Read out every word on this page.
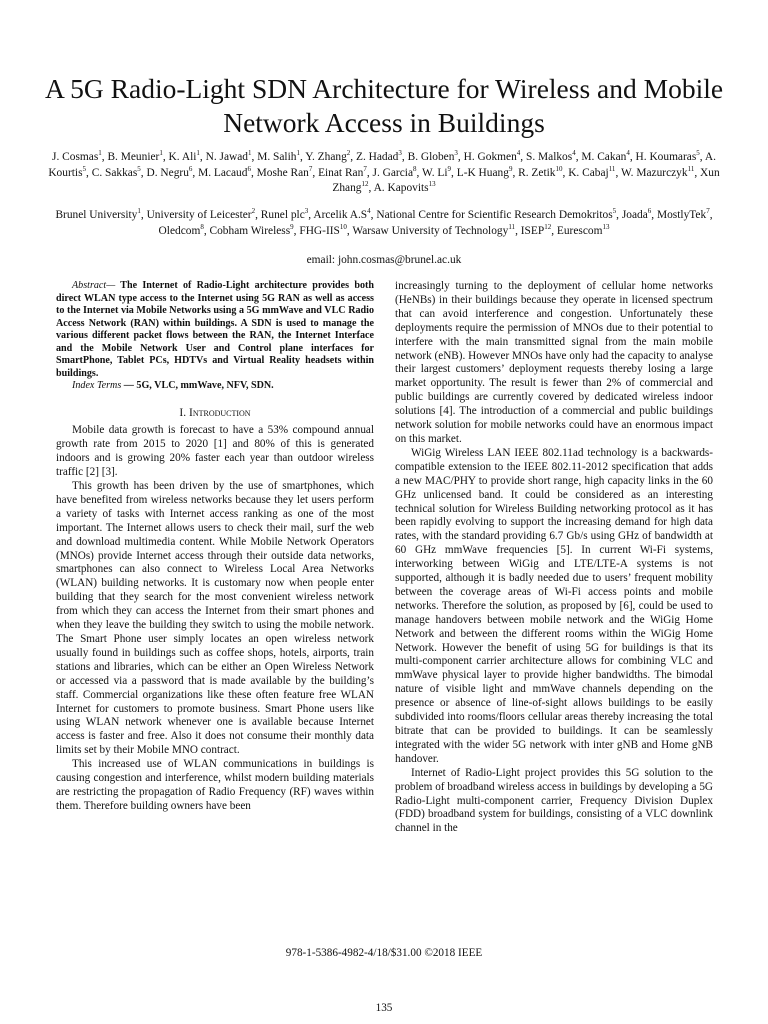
A 5G Radio-Light SDN Architecture for Wireless and Mobile Network Access in Buildings
J. Cosmas$^1$, B. Meunier$^1$, K. Ali$^1$, N. Jawad$^1$, M. Salih$^1$, Y. Zhang$^2$, Z. Hadad$^3$, B. Globen$^3$, H. Gokmen$^4$, S. Malkos$^4$, M. Cakan$^4$, H. Koumaras$^5$, A. Kourtis$^5$, C. Sakkas$^5$, D. Negru$^6$, M. Lacaud$^6$, Moshe Ran$^7$, Einat Ran$^7$, J. Garcia$^8$, W. Li$^9$, L-K Huang$^9$, R. Zetik$^{10}$, K. Cabaj$^{11}$, W. Mazurczyk$^{11}$, Xun Zhang$^{12}$, A. Kapovits$^{13}$
Brunel University$^1$, University of Leicester$^2$, Runel plc$^3$, Arcelik $A.S^4$, National Centre for Scientific Research Demokritos$^5$, Joada$^6$, MostlyTek$^7$, Oledcom$^8$, Cobham Wireless$^9$, FHG-IIS$^{10}$, Warsaw University of Technology$^{11}$, ISEP$^{12}$, Eurescom$^{13}$
email: john.cosmas@brunel.ac.uk

Abstract— The Internet of Radio-Light architecture provides both direct WLAN type access to the Internet using 5G RAN as well as access to the Internet via Mobile Networks using a 5G mmWave and VLC Radio Access Network (RAN) within buildings. A SDN is used to manage the various different packet flows between the RAN, the Internet Interface and the Mobile Network User and Control plane interfaces for SmartPhone, Tablet PCs, HDTVs and Virtual Reality headsets within buildings.

Index Terms — 5G, VLC, mmWave, NFV, SDN.

I. Introduction

Mobile data growth is forecast to have a 53% compound annual growth rate from 2015 to 2020 [1] and 80% of this is generated indoors and is growing 20% faster each year than outdoor wireless traffic [2] [3].

This growth has been driven by the use of smartphones, which have benefited from wireless networks because they let users perform a variety of tasks with Internet access ranking as one of the most important. The Internet allows users to check their mail, surf the web and download multimedia content. While Mobile Network Operators (MNOs) provide Internet access through their outside data networks, smartphones can also connect to Wireless Local Area Networks (WLAN) building networks. It is customary now when people enter building that they search for the most convenient wireless network from which they can access the Internet from their smart phones and when they leave the building they switch to using the mobile network. The Smart Phone user simply locates an open wireless network usually found in buildings such as coffee shops, hotels, airports, train stations and libraries, which can be either an Open Wireless Network or accessed via a password that is made available by the building’s staff. Commercial organizations like these often feature free WLAN Internet for customers to promote business. Smart Phone users like using WLAN network whenever one is available because Internet access is faster and free. Also it does not consume their monthly data limits set by their Mobile MNO contract.

This increased use of WLAN communications in buildings is causing congestion and interference, whilst modern building materials are restricting the propagation of Radio Frequency (RF) waves within them. Therefore building owners have been

increasingly turning to the deployment of cellular home networks (HeNBs) in their buildings because they operate in licensed spectrum that can avoid interference and congestion. Unfortunately these deployments require the permission of MNOs due to their potential to interfere with the main transmitted signal from the main mobile network (eNB). However MNOs have only had the capacity to analyse their largest customers’ deployment requests thereby losing a large market opportunity. The result is fewer than 2% of commercial and public buildings are currently covered by dedicated wireless indoor solutions [4]. The introduction of a commercial and public buildings network solution for mobile networks could have an enormous impact on this market.

WiGig Wireless LAN IEEE 802.11ad technology is a backwards-compatible extension to the IEEE 802.11-2012 specification that adds a new MAC/PHY to provide short range, high capacity links in the 60 GHz unlicensed band. It could be considered as an interesting technical solution for Wireless Building networking protocol as it has been rapidly evolving to support the increasing demand for high data rates, with the standard providing 6.7 Gb/s using GHz of bandwidth at 60 GHz mmWave frequencies [5]. In current Wi-Fi systems, interworking between WiGig and LTE/LTE-A systems is not supported, although it is badly needed due to users’ frequent mobility between the coverage areas of Wi-Fi access points and mobile networks. Therefore the solution, as proposed by [6], could be used to manage handovers between mobile network and the WiGig Home Network and between the different rooms within the WiGig Home Network. However the benefit of using 5G for buildings is that its multi-component carrier architecture allows for combining VLC and mmWave physical layer to provide higher bandwidths. The bimodal nature of visible light and mmWave channels depending on the presence or absence of line-of-sight allows buildings to be easily subdivided into rooms/floors cellular areas thereby increasing the total bitrate that can be provided to buildings. It can be seamlessly integrated with the wider 5G network with inter gNB and Home gNB handover.

Internet of Radio-Light project provides this 5G solution to the problem of broadband wireless access in buildings by developing a 5G Radio-Light multi-component carrier, Frequency Division Duplex (FDD) broadband system for buildings, consisting of a VLC downlink channel in the

978-1-5386-4982-4/18/$31.00 ©2018 IEEE
135
